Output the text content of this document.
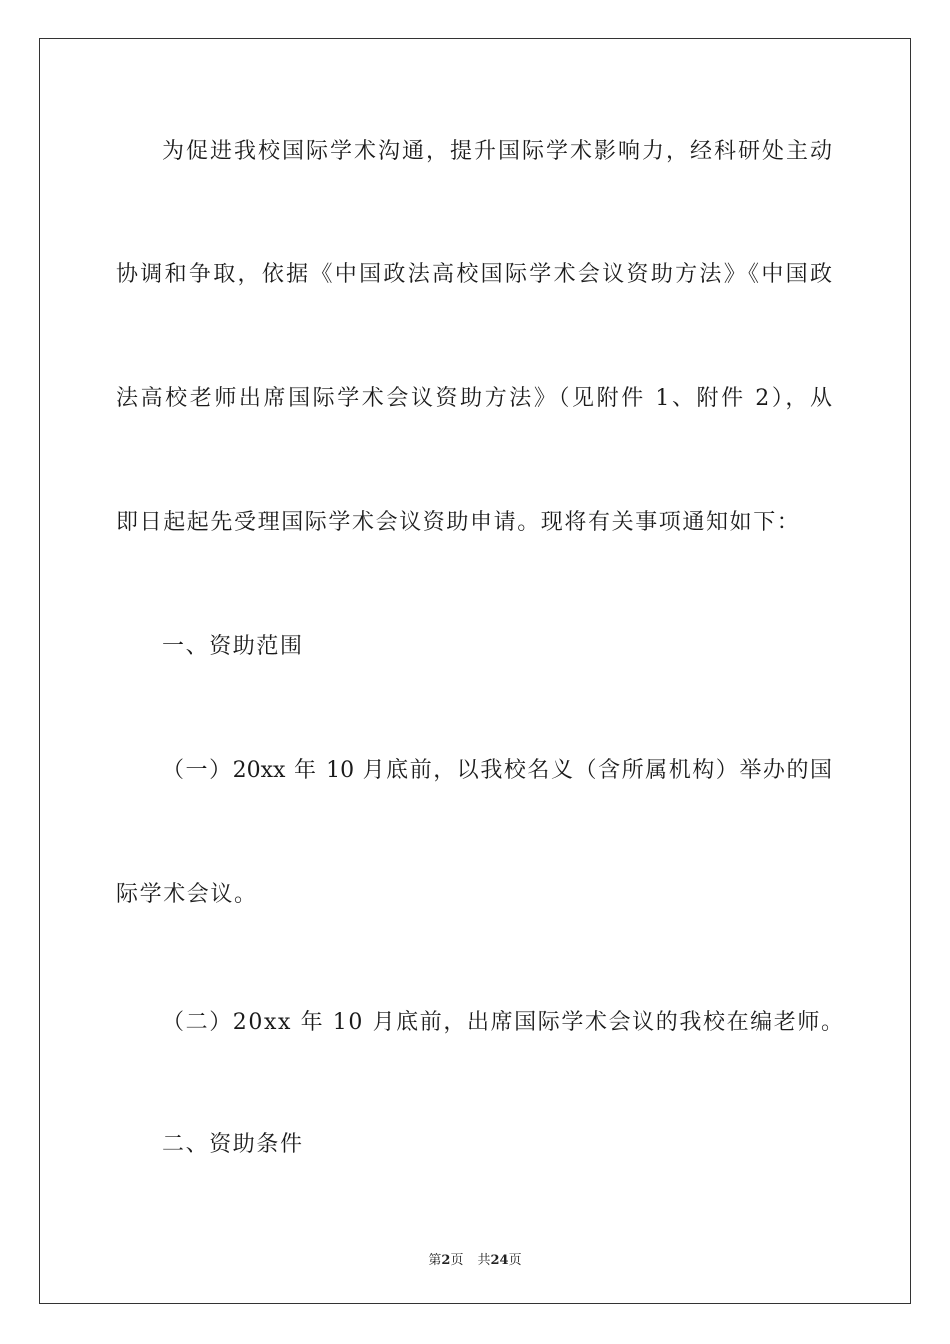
为促进我校国际学术沟通，提升国际学术影响力，经科研处主动
协调和争取，依据《中国政法高校国际学术会议资助方法》《中国政
法高校老师出席国际学术会议资助方法》（见附件 1、附件 2），从
即日起起先受理国际学术会议资助申请。现将有关事项通知如下：
一、资助范围
（一）20xx 年 10 月底前，以我校名义（含所属机构）举办的国
际学术会议。
（二）20xx 年 10 月底前，出席国际学术会议的我校在编老师。
二、资助条件
第2页 共24页
